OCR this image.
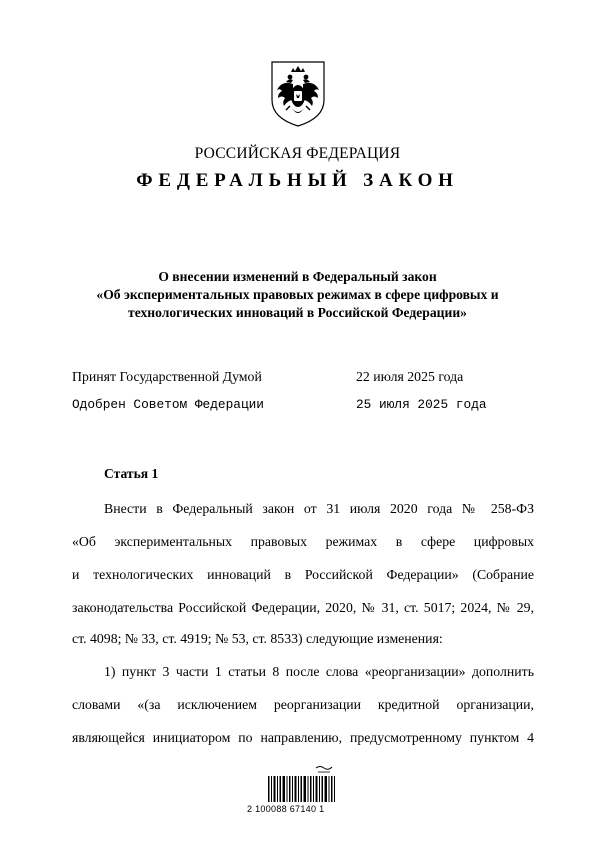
РОССИЙСКАЯ ФЕДЕРАЦИЯ
ФЕДЕРАЛЬНЫЙ ЗАКОН
О внесении изменений в Федеральный закон
«Об экспериментальных правовых режимах в сфере цифровых и
технологических инноваций в Российской Федерации»
Принят Государственной Думой	22 июля 2025 года
Одобрен Советом Федерации	25 июля 2025 года
Статья 1
Внести в Федеральный закон от 31 июля 2020 года № 258-ФЗ
«Об экспериментальных правовых режимах в сфере цифровых
и технологических инноваций в Российской Федерации» (Собрание
законодательства Российской Федерации, 2020, № 31, ст. 5017; 2024, № 29,
ст. 4098; № 33, ст. 4919; № 53, ст. 8533) следующие изменения:
1) пункт 3 части 1 статьи 8 после слова «реорганизации» дополнить
словами «(за исключением реорганизации кредитной организации,
являющейся инициатором по направлению, предусмотренному пунктом 4
2 100088 67140 1
